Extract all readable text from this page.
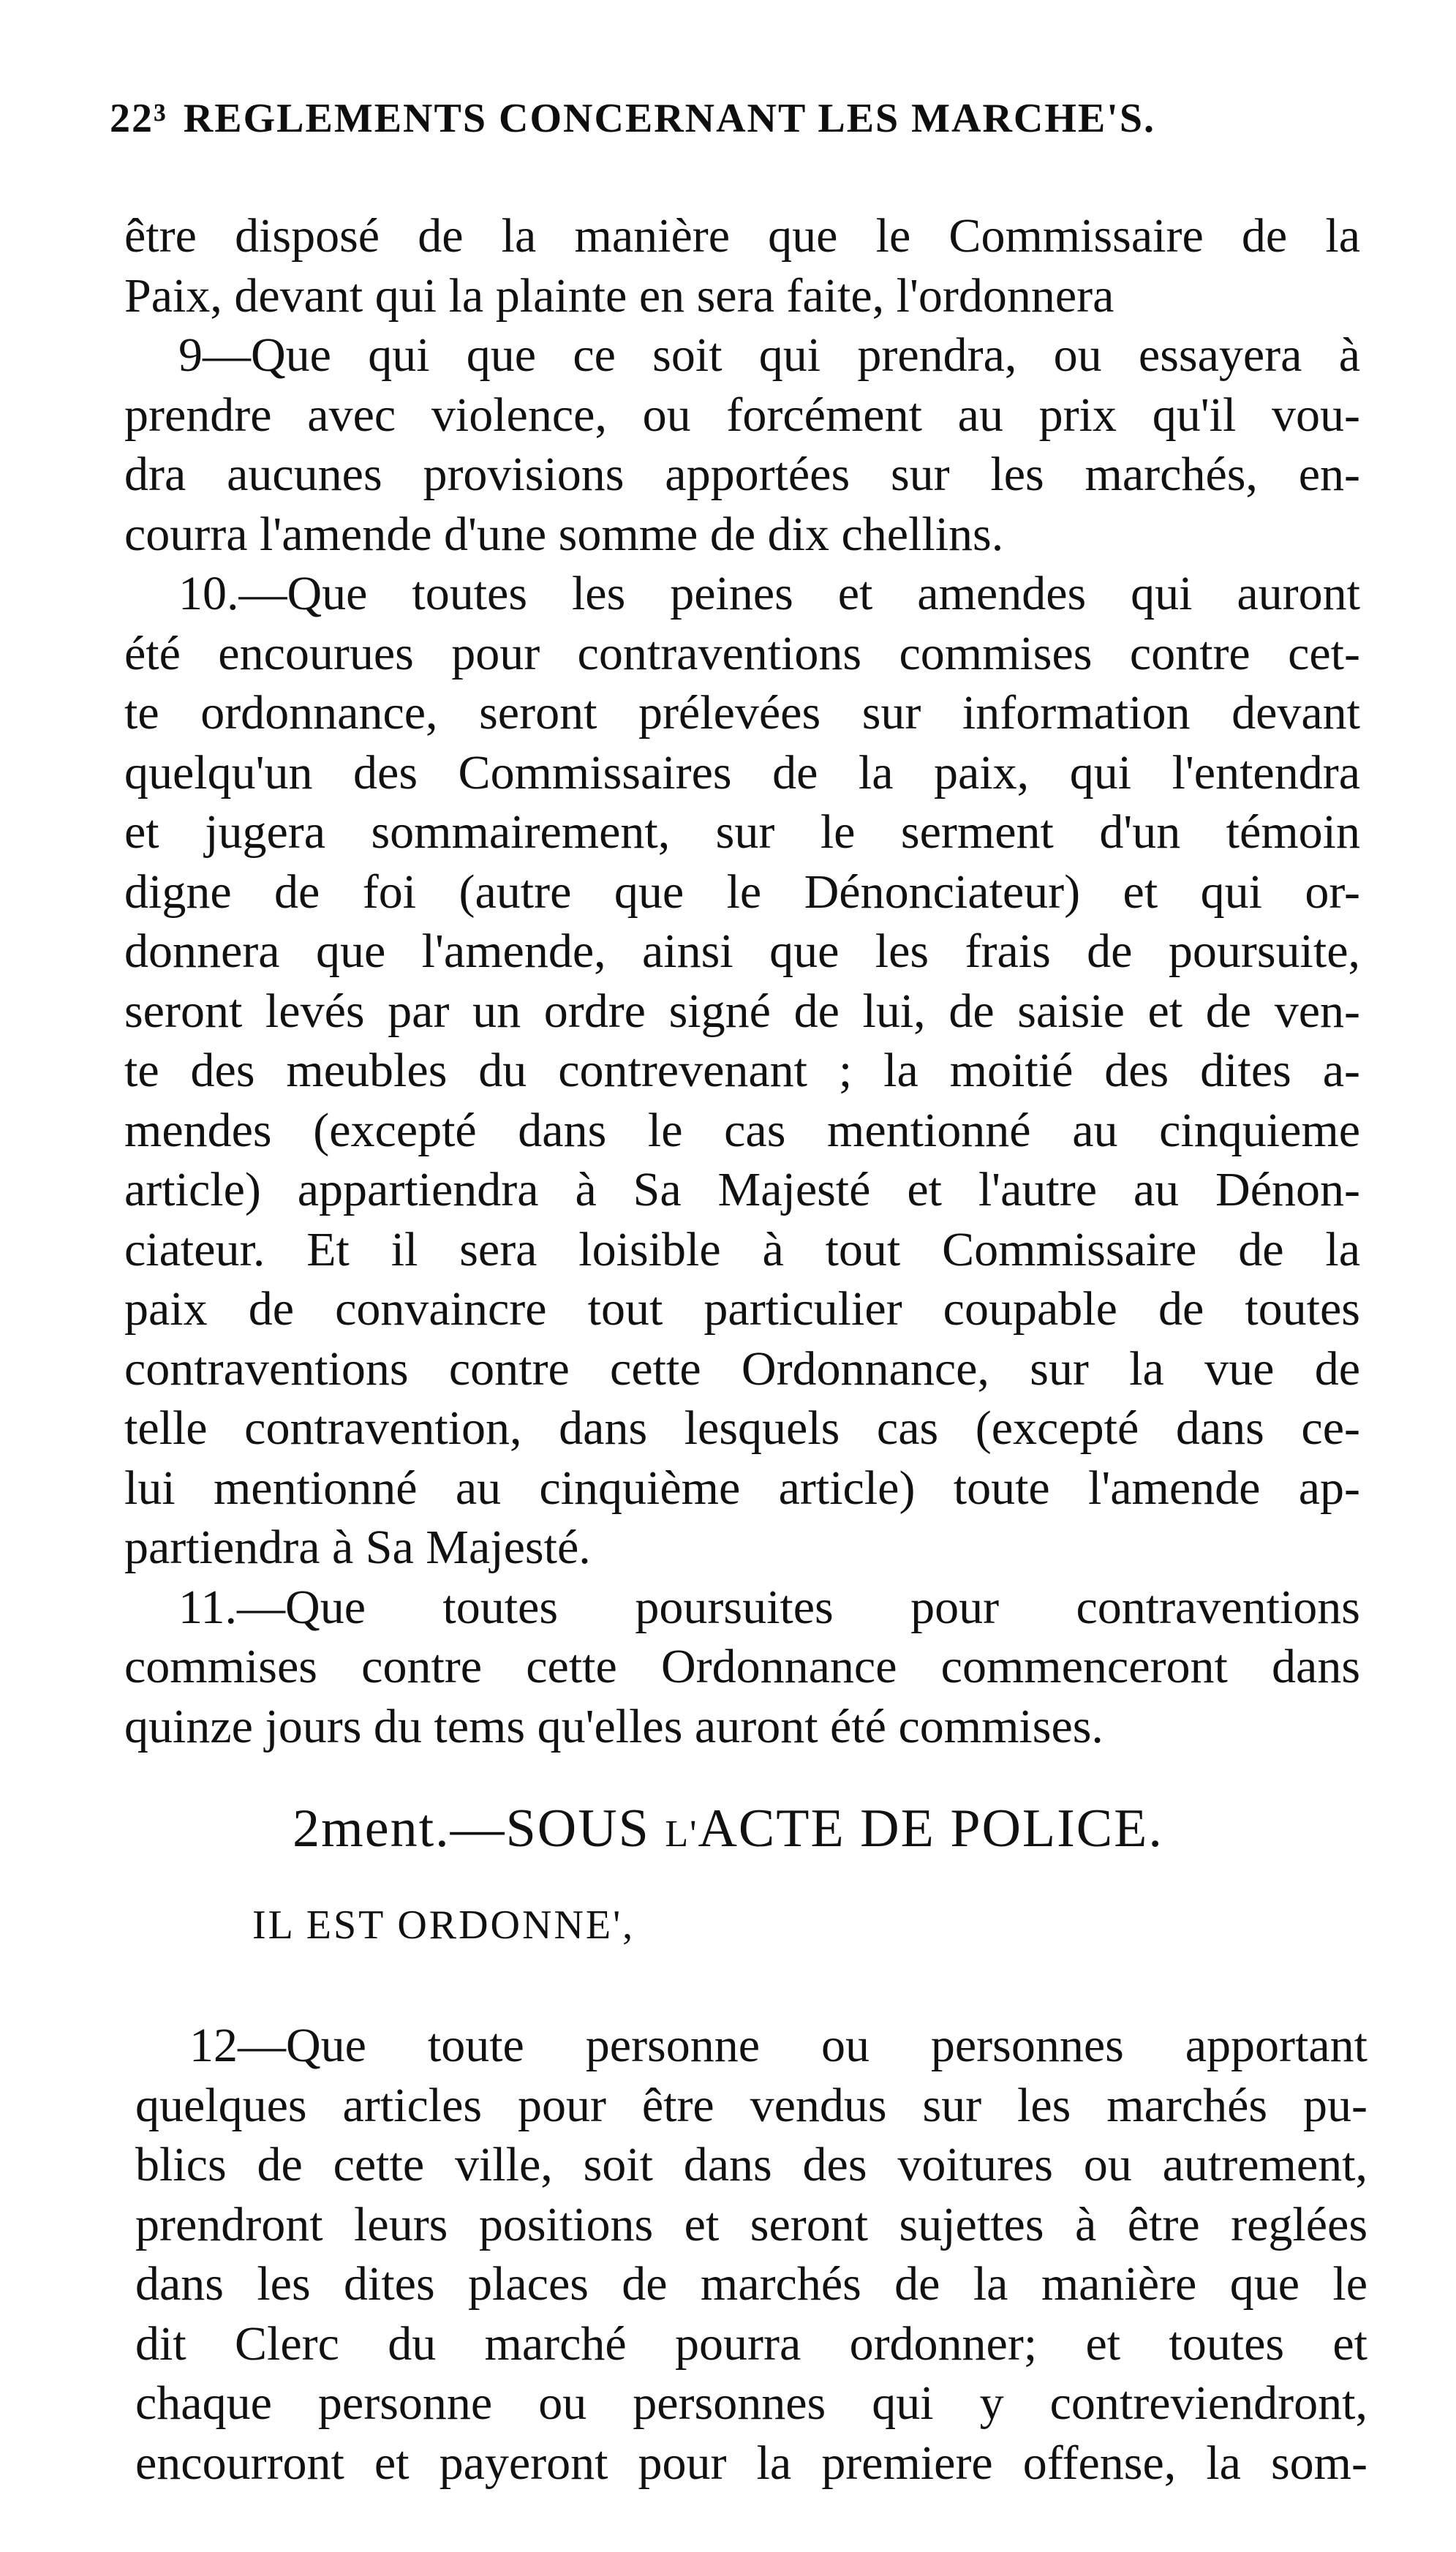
22³ REGLEMENTS CONCERNANT LES MARCHE'S.

être disposé de la manière que le Commissaire de la
Paix, devant qui la plainte en sera faite, l'ordonnera

9—Que qui que ce soit qui prendra, ou essayera à
prendre avec violence, ou forcément au prix qu'il vou-
dra aucunes provisions apportées sur les marchés, en-
courra l'amende d'une somme de dix chellins.

10.—Que toutes les peines et amendes qui auront
été encourues pour contraventions commises contre cet-
te ordonnance, seront prélevées sur information devant
quelqu'un des Commissaires de la paix, qui l'entendra
et jugera sommairement, sur le serment d'un témoin
digne de foi (autre que le Dénonciateur) et qui or-
donnera que l'amende, ainsi que les frais de poursuite,
seront levés par un ordre signé de lui, de saisie et de ven-
te des meubles du contrevenant ; la moitié des dites a-
mendes (excepté dans le cas mentionné au cinquieme
article) appartiendra à Sa Majesté et l'autre au Dénon-
ciateur. Et il sera loisible à tout Commissaire de la
paix de convaincre tout particulier coupable de toutes
contraventions contre cette Ordonnance, sur la vue de
telle contravention, dans lesquels cas (excepté dans ce-
lui mentionné au cinquième article) toute l'amende ap-
partiendra à Sa Majesté.

11.—Que toutes poursuites pour contraventions
commises contre cette Ordonnance commenceront dans
quinze jours du tems qu'elles auront été commises.

2ment.—SOUS L'ACTE DE POLICE.
IL EST ORDONNE',

12—Que toute personne ou personnes apportant
quelques articles pour être vendus sur les marchés pu-
blics de cette ville, soit dans des voitures ou autrement,
prendront leurs positions et seront sujettes à être reglées
dans les dites places de marchés de la manière que le
dit Clerc du marché pourra ordonner; et toutes et
chaque personne ou personnes qui y contreviendront,
encourront et payeront pour la premiere offense, la som-
